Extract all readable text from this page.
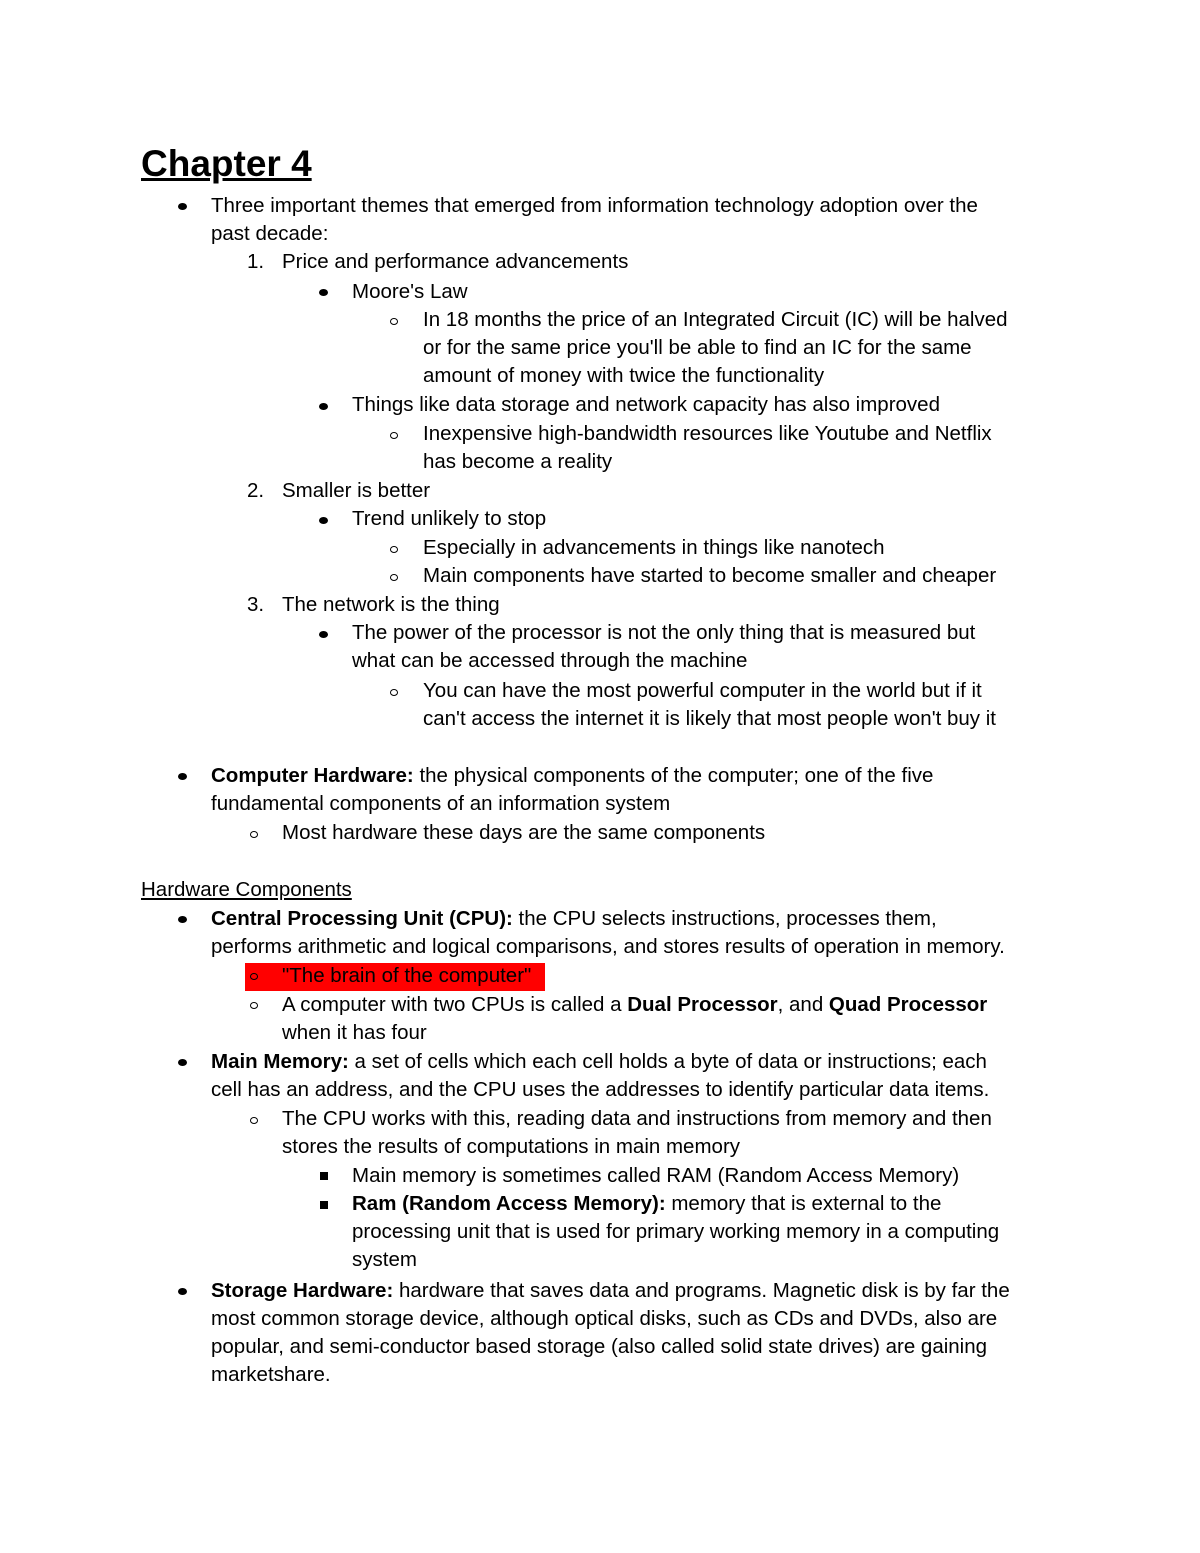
Chapter 4
Three important themes that emerged from information technology adoption over the
past decade:
1. Price and performance advancements
Moore's Law
In 18 months the price of an Integrated Circuit (IC) will be halved
or for the same price you'll be able to find an IC for the same
amount of money with twice the functionality
Things like data storage and network capacity has also improved
Inexpensive high-bandwidth resources like Youtube and Netflix
has become a reality
2. Smaller is better
Trend unlikely to stop
Especially in advancements in things like nanotech
Main components have started to become smaller and cheaper
3. The network is the thing
The power of the processor is not the only thing that is measured but
what can be accessed through the machine
You can have the most powerful computer in the world but if it
can't access the internet it is likely that most people won't buy it
Computer Hardware: the physical components of the computer; one of the five
fundamental components of an information system
Most hardware these days are the same components
Hardware Components
Central Processing Unit (CPU): the CPU selects instructions, processes them,
performs arithmetic and logical comparisons, and stores results of operation in memory.
"The brain of the computer"
A computer with two CPUs is called a Dual Processor, and Quad Processor
when it has four
Main Memory: a set of cells which each cell holds a byte of data or instructions; each
cell has an address, and the CPU uses the addresses to identify particular data items.
The CPU works with this, reading data and instructions from memory and then
stores the results of computations in main memory
Main memory is sometimes called RAM (Random Access Memory)
Ram (Random Access Memory): memory that is external to the
processing unit that is used for primary working memory in a computing
system
Storage Hardware: hardware that saves data and programs. Magnetic disk is by far the
most common storage device, although optical disks, such as CDs and DVDs, also are
popular, and semi-conductor based storage (also called solid state drives) are gaining
marketshare.
